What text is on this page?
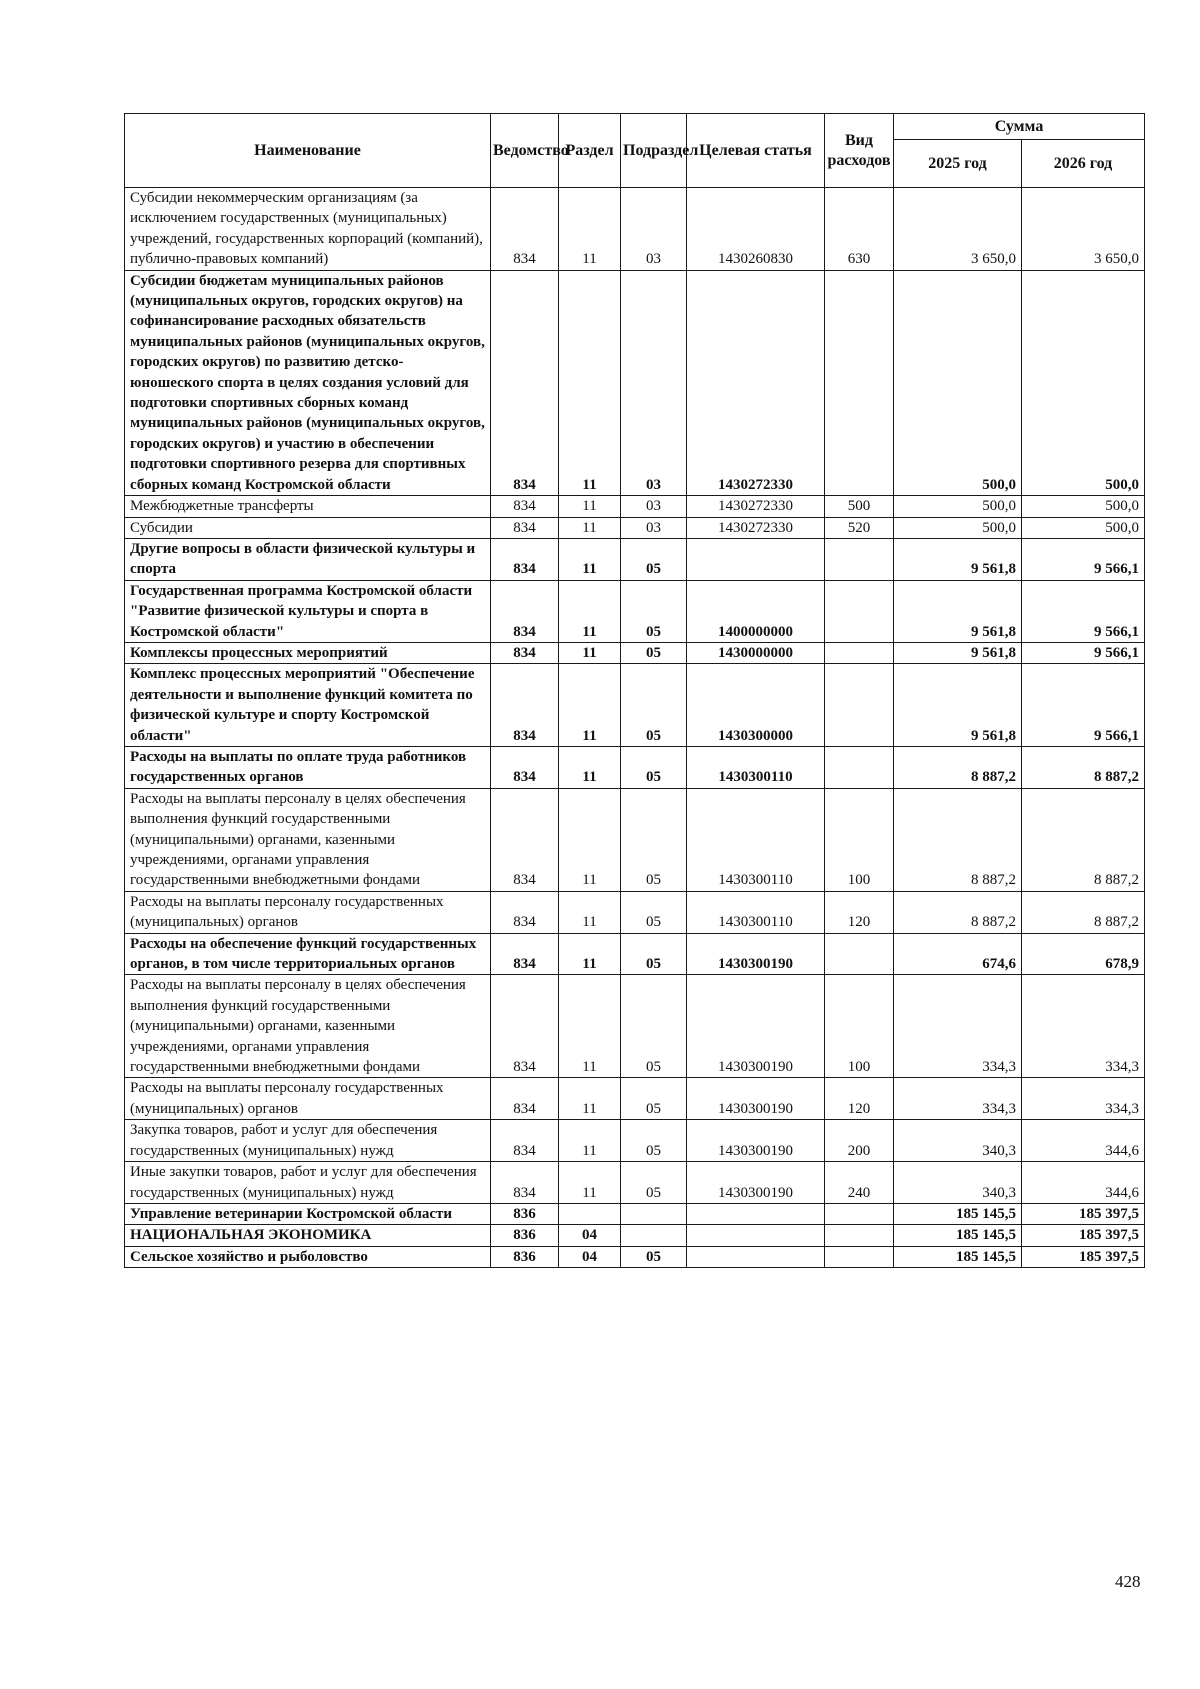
Наименование	Ведомство	Раздел	Подраздел	Целевая статья	Вид расходов	Сумма	
						2025 год	2026 год
Субсидии некоммерческим организациям (за исключением государственных (муниципальных) учреждений, государственных корпораций (компаний), публично-правовых компаний)	834	11	03	1430260830	630	3 650,0	3 650,0
Субсидии бюджетам муниципальных районов (муниципальных округов, городских округов) на софинансирование расходных обязательств муниципальных районов (муниципальных округов, городских округов) по развитию детско-юношеского спорта в целях создания условий для подготовки спортивных сборных команд муниципальных районов (муниципальных округов, городских округов) и участию в обеспечении подготовки спортивного резерва для спортивных сборных команд Костромской области	834	11	03	1430272330		500,0	500,0
Межбюджетные трансферты	834	11	03	1430272330	500	500,0	500,0
Субсидии	834	11	03	1430272330	520	500,0	500,0
Другие вопросы в области физической культуры и спорта	834	11	05			9 561,8	9 566,1
Государственная программа Костромской области "Развитие физической культуры и спорта в Костромской области"	834	11	05	1400000000		9 561,8	9 566,1
Комплексы процессных мероприятий	834	11	05	1430000000		9 561,8	9 566,1
Комплекс процессных мероприятий "Обеспечение деятельности и выполнение функций комитета по физической культуре и спорту Костромской области"	834	11	05	1430300000		9 561,8	9 566,1
Расходы на выплаты по оплате труда работников государственных органов	834	11	05	1430300110		8 887,2	8 887,2
Расходы на выплаты персоналу в целях обеспечения выполнения функций государственными (муниципальными) органами, казенными учреждениями, органами управления государственными внебюджетными фондами	834	11	05	1430300110	100	8 887,2	8 887,2
Расходы на выплаты персоналу государственных (муниципальных) органов	834	11	05	1430300110	120	8 887,2	8 887,2
Расходы на обеспечение функций государственных органов, в том числе территориальных органов	834	11	05	1430300190		674,6	678,9
Расходы на выплаты персоналу в целях обеспечения выполнения функций государственными (муниципальными) органами, казенными учреждениями, органами управления государственными внебюджетными фондами	834	11	05	1430300190	100	334,3	334,3
Расходы на выплаты персоналу государственных (муниципальных) органов	834	11	05	1430300190	120	334,3	334,3
Закупка товаров, работ и услуг для обеспечения государственных (муниципальных) нужд	834	11	05	1430300190	200	340,3	344,6
Иные закупки товаров, работ и услуг для обеспечения государственных (муниципальных) нужд	834	11	05	1430300190	240	340,3	344,6
Управление ветеринарии Костромской области	836					185 145,5	185 397,5
НАЦИОНАЛЬНАЯ ЭКОНОМИКА	836	04				185 145,5	185 397,5
Сельское хозяйство и рыболовство	836	04	05			185 145,5	185 397,5
428
